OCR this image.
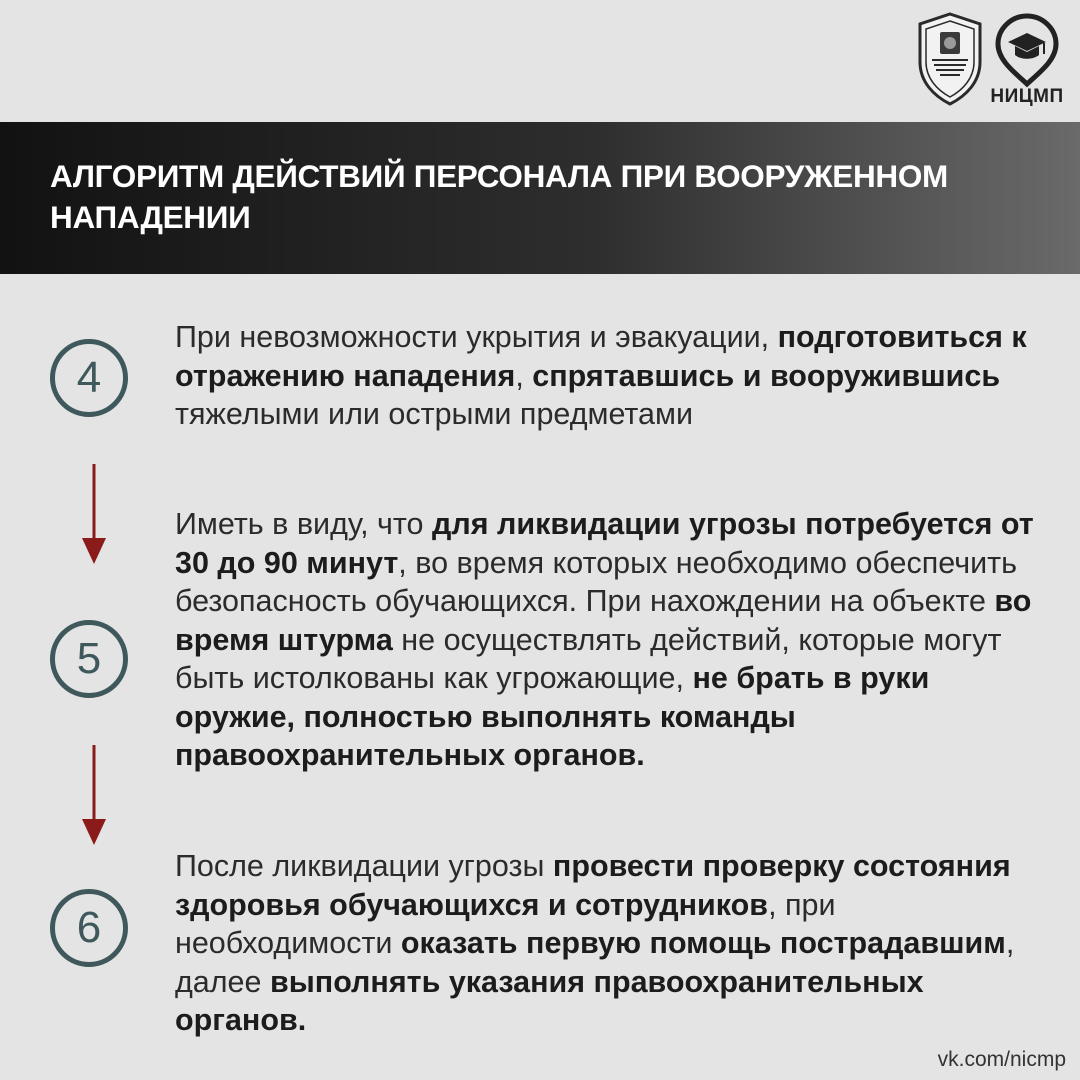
НИЦМП
АЛГОРИТМ ДЕЙСТВИЙ ПЕРСОНАЛА ПРИ ВООРУЖЕННОМ НАПАДЕНИИ
4
При невозможности укрытия и эвакуации, подготовиться к отражению нападения, спрятавшись и вооружившись тяжелыми или острыми предметами
5
Иметь в виду, что для ликвидации угрозы потребуется от 30 до 90 минут, во время которых необходимо обеспечить безопасность обучающихся. При нахождении на объекте во время штурма не осуществлять действий, которые могут быть истолкованы как угрожающие, не брать в руки оружие, полностью выполнять команды правоохранительных органов.
6
После ликвидации угрозы провести проверку состояния здоровья обучающихся и сотрудников, при необходимости оказать первую помощь пострадавшим, далее выполнять указания правоохранительных органов.
vk.com/nicmp
